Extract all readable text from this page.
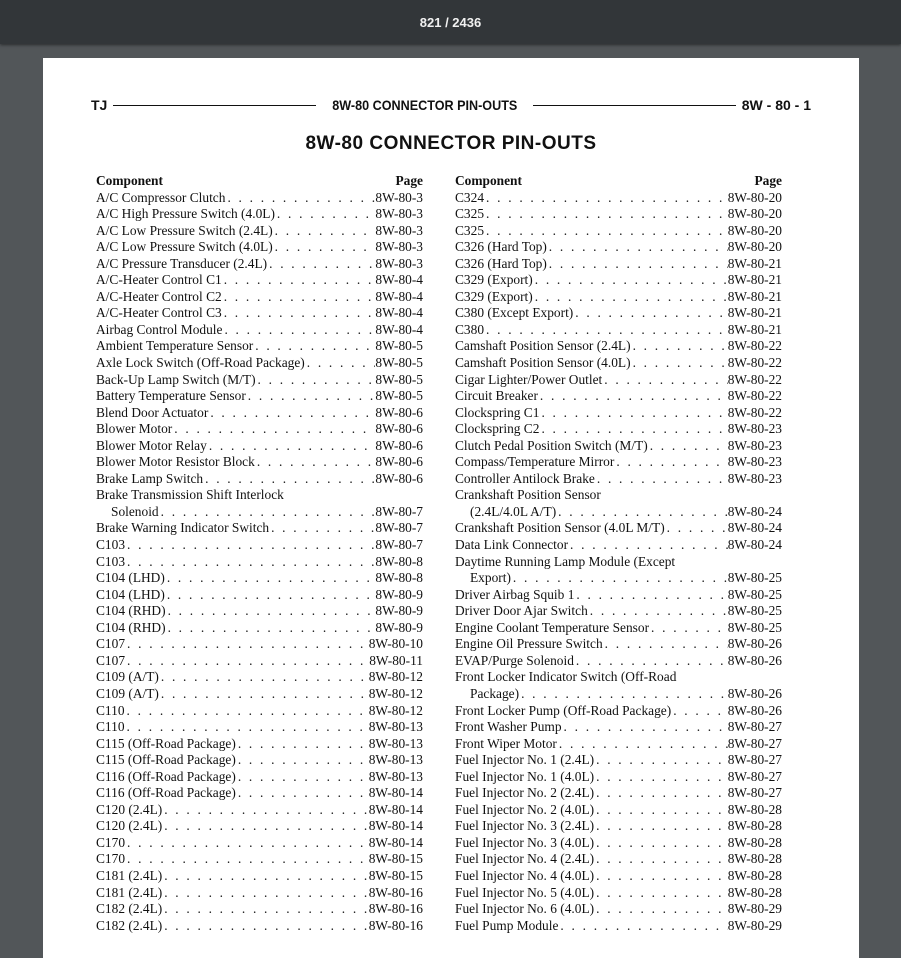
821 / 2436
TJ	8W-80 CONNECTOR PIN-OUTS	8W - 80 - 1
8W-80 CONNECTOR PIN-OUTS
Component	Page
A/C Compressor Clutch . . .	8W-80-3
A/C High Pressure Switch (4.0L) . . .	8W-80-3
A/C Low Pressure Switch (2.4L) . . .	8W-80-3
A/C Low Pressure Switch (4.0L) . . .	8W-80-3
A/C Pressure Transducer (2.4L) . . .	8W-80-3
A/C-Heater Control C1 . . .	8W-80-4
A/C-Heater Control C2 . . .	8W-80-4
A/C-Heater Control C3 . . .	8W-80-4
Airbag Control Module . . .	8W-80-4
Ambient Temperature Sensor . . .	8W-80-5
Axle Lock Switch (Off-Road Package) . . .	8W-80-5
Back-Up Lamp Switch (M/T) . . .	8W-80-5
Battery Temperature Sensor . . .	8W-80-5
Blend Door Actuator . . .	8W-80-6
Blower Motor . . .	8W-80-6
Blower Motor Relay . . .	8W-80-6
Blower Motor Resistor Block . . .	8W-80-6
Brake Lamp Switch . . .	8W-80-6
Brake Transmission Shift Interlock
Solenoid . . .	8W-80-7
Brake Warning Indicator Switch . . .	8W-80-7
C103 . . .	8W-80-7
C103 . . .	8W-80-8
C104 (LHD) . . .	8W-80-8
C104 (LHD) . . .	8W-80-9
C104 (RHD) . . .	8W-80-9
C104 (RHD) . . .	8W-80-9
C107 . . .	8W-80-10
C107 . . .	8W-80-11
C109 (A/T) . . .	8W-80-12
C109 (A/T) . . .	8W-80-12
C110 . . .	8W-80-12
C110 . . .	8W-80-13
C115 (Off-Road Package) . . .	8W-80-13
C115 (Off-Road Package) . . .	8W-80-13
C116 (Off-Road Package) . . .	8W-80-13
C116 (Off-Road Package) . . .	8W-80-14
C120 (2.4L) . . .	8W-80-14
C120 (2.4L) . . .	8W-80-14
C170 . . .	8W-80-14
C170 . . .	8W-80-15
C181 (2.4L) . . .	8W-80-15
C181 (2.4L) . . .	8W-80-16
C182 (2.4L) . . .	8W-80-16
C182 (2.4L) . . .	8W-80-16
Component	Page
C324 . . .	8W-80-20
C325 . . .	8W-80-20
C325 . . .	8W-80-20
C326 (Hard Top) . . .	8W-80-20
C326 (Hard Top) . . .	8W-80-21
C329 (Export) . . .	8W-80-21
C329 (Export) . . .	8W-80-21
C380 (Except Export) . . .	8W-80-21
C380 . . .	8W-80-21
Camshaft Position Sensor (2.4L) . . .	8W-80-22
Camshaft Position Sensor (4.0L) . . .	8W-80-22
Cigar Lighter/Power Outlet . . .	8W-80-22
Circuit Breaker . . .	8W-80-22
Clockspring C1 . . .	8W-80-22
Clockspring C2 . . .	8W-80-23
Clutch Pedal Position Switch (M/T) . . .	8W-80-23
Compass/Temperature Mirror . . .	8W-80-23
Controller Antilock Brake . . .	8W-80-23
Crankshaft Position Sensor
(2.4L/4.0L A/T) . . .	8W-80-24
Crankshaft Position Sensor (4.0L M/T) . . .	8W-80-24
Data Link Connector . . .	8W-80-24
Daytime Running Lamp Module (Except
Export) . . .	8W-80-25
Driver Airbag Squib 1 . . .	8W-80-25
Driver Door Ajar Switch . . .	8W-80-25
Engine Coolant Temperature Sensor . . .	8W-80-25
Engine Oil Pressure Switch . . .	8W-80-26
EVAP/Purge Solenoid . . .	8W-80-26
Front Locker Indicator Switch (Off-Road
Package) . . .	8W-80-26
Front Locker Pump (Off-Road Package) . . .	8W-80-26
Front Washer Pump . . .	8W-80-27
Front Wiper Motor . . .	8W-80-27
Fuel Injector No. 1 (2.4L) . . .	8W-80-27
Fuel Injector No. 1 (4.0L) . . .	8W-80-27
Fuel Injector No. 2 (2.4L) . . .	8W-80-27
Fuel Injector No. 2 (4.0L) . . .	8W-80-28
Fuel Injector No. 3 (2.4L) . . .	8W-80-28
Fuel Injector No. 3 (4.0L) . . .	8W-80-28
Fuel Injector No. 4 (2.4L) . . .	8W-80-28
Fuel Injector No. 4 (4.0L) . . .	8W-80-28
Fuel Injector No. 5 (4.0L) . . .	8W-80-28
Fuel Injector No. 6 (4.0L) . . .	8W-80-29
Fuel Pump Module . . .	8W-80-29
